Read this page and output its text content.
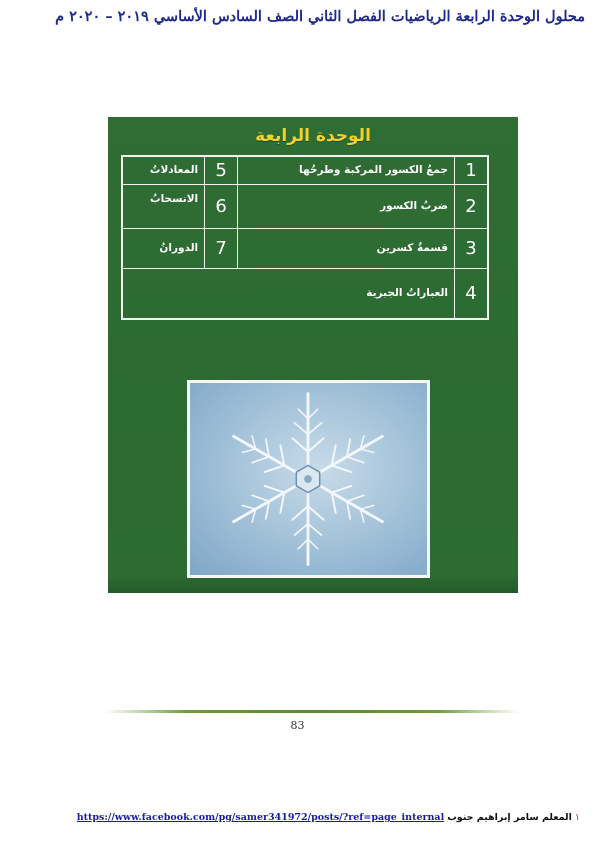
محلول الوحدة الرابعة الرياضيات الفصل الثاني الصف السادس الأساسي ٢٠١٩ – ٢٠٢٠ م
الوحدة الرابعة
1	جمعُ الكسور المركبة وطرحُها	5	المعادلاتُ
2	ضربُ الكسور	6	الانسحابُ
3	قسمةُ كسرين	7	الدورانُ
4	العباراتُ الجبرية		
83
١ المعلم سامر إبراهيم جنوب https://www.facebook.com/pg/samer341972/posts/?ref=page_internal
